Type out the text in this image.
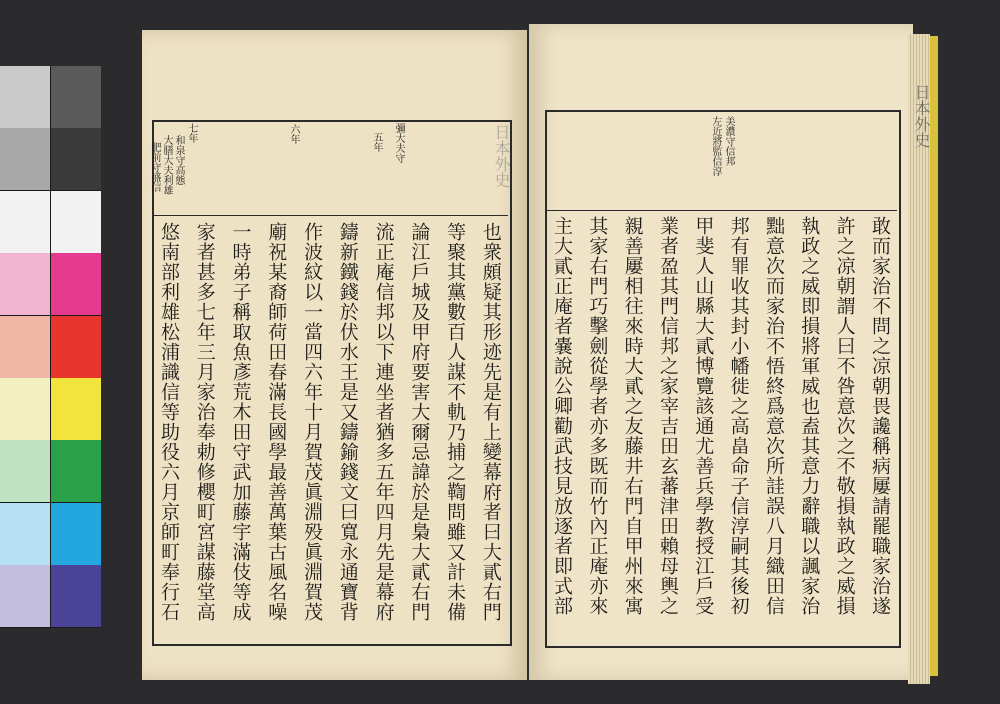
七年
和泉守高態
大膳大夫利雄
肥前守盛信
六年	五年 彌大夫守
也衆頗疑其形迹先是有上變幕府者曰大貳右門
等聚其黨數百人謀不軌乃捕之鞫問雖又計未備
論江戶城及甲府要害大爾忌諱於是梟大貳右門
流正庵信邦以下連坐者猶多五年四月先是幕府
鑄新鐵錢於伏水王是又鑄鍮錢文曰寬永通寶背
作波紋以一當四六年十月賀茂眞淵殁眞淵賀茂
廟祝某裔師荷田春滿長國學最善萬葉古風名噪
一時弟子稱取魚彥荒木田守武加藤宇滿伎等成
家者甚多七年三月家治奉勅修櫻町宮謀藤堂高
悠南部利雄松浦識信等助役六月京師町奉行石
美濃守信邦
左近將監信淳
敢而家治不問之凉朝畏讒稱病屢請罷職家治遂
許之凉朝謂人曰不咎意次之不敬損執政之威損
執政之威即損將軍威也盍其意力辭職以諷家治
黜意次而家治不悟終爲意次所詿誤八月織田信
邦有罪收其封小幡徙之高畠命子信淳嗣其後初
甲斐人山縣大貳博覽該通尤善兵學教授江戶受
業者盈其門信邦之家宰吉田玄蕃津田賴母輿之
親善屢相往來時大貳之友藤井右門自甲州來寓
其家右門巧擊劍從學者亦多既而竹內正庵亦來
主大貳正庵者嚢說公卿勸武技見放逐者即式部
日本外史
日本外史
